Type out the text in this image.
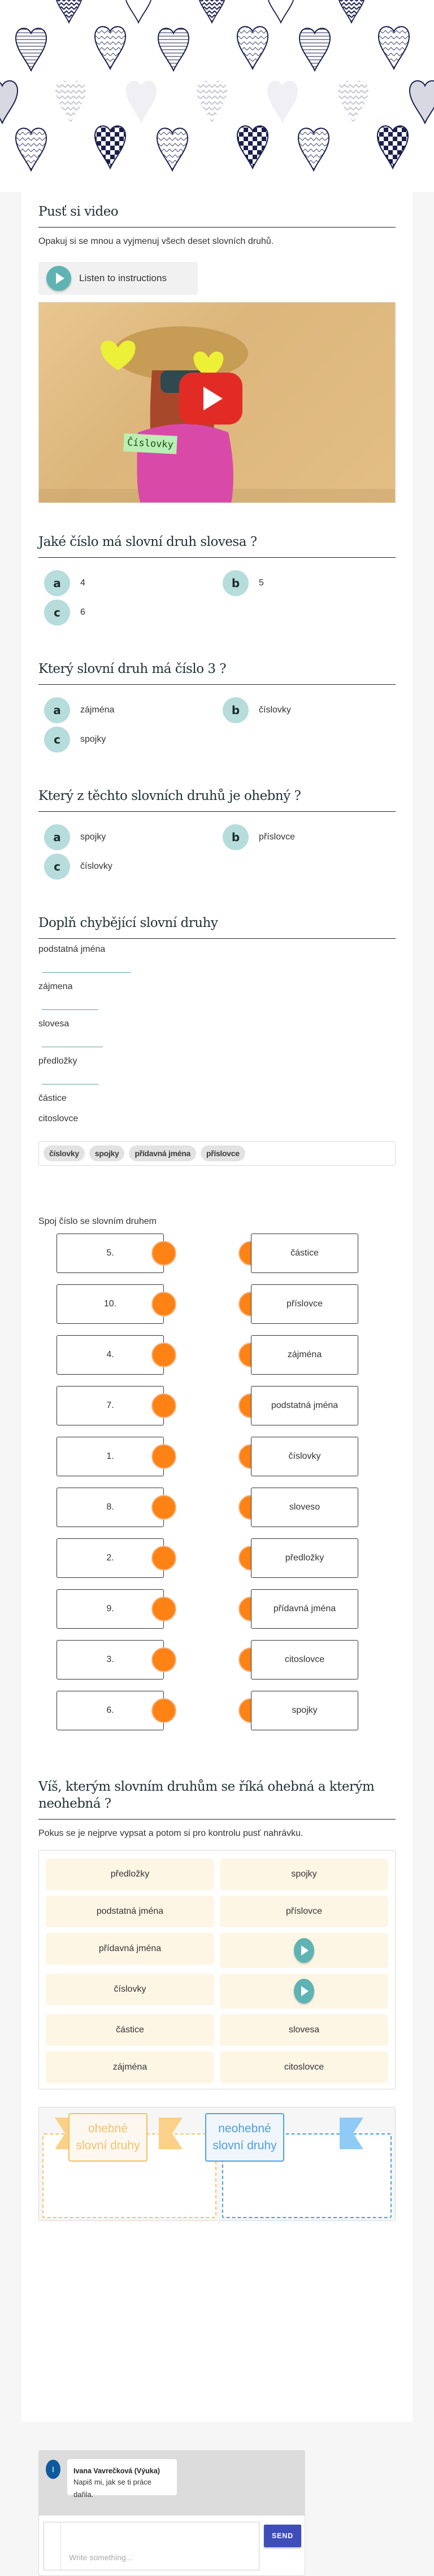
Pusť si video

Opakuj si se mnou a vyjmenuj všech deset slovních druhů.

Listen to instructions
Číslovky
Jaké číslo má slovní druh slovesa ?
a	4	b	5
c	6
Který slovní druh má číslo 3 ?
a	zájména	b	číslovky
c	spojky
Který z těchto slovních druhů je ohebný ?
a	spojky	b	příslovce
c	číslovky
Doplň chybějící slovní druhy
podstatná jména
zájmena
slovesa
předložky
částice
citoslovce
číslovky	spojky	přídavná jména	příslovce

Spoj číslo se slovním druhem

5.	částice
10.	příslovce
4.	zájména
7.	podstatná jména
1.	číslovky
8.	sloveso
2.	předložky
9.	přídavná jména
3.	citoslovce
6.	spojky
Víš, kterým slovním druhům se říká ohebná a kterým neohebná ?

Pokus se je nejprve vypsat a potom si pro kontrolu pusť nahrávku.

předložky	spojky
podstatná jména	příslovce
přídavná jména
číslovky
částice	slovesa
zájména	citoslovce
ohebné slovní druhy
neohebné slovní druhy
I	Ivana Vavrečková (Výuka)
Napiš mi, jak se ti práce dařila.
Write something...
SEND
